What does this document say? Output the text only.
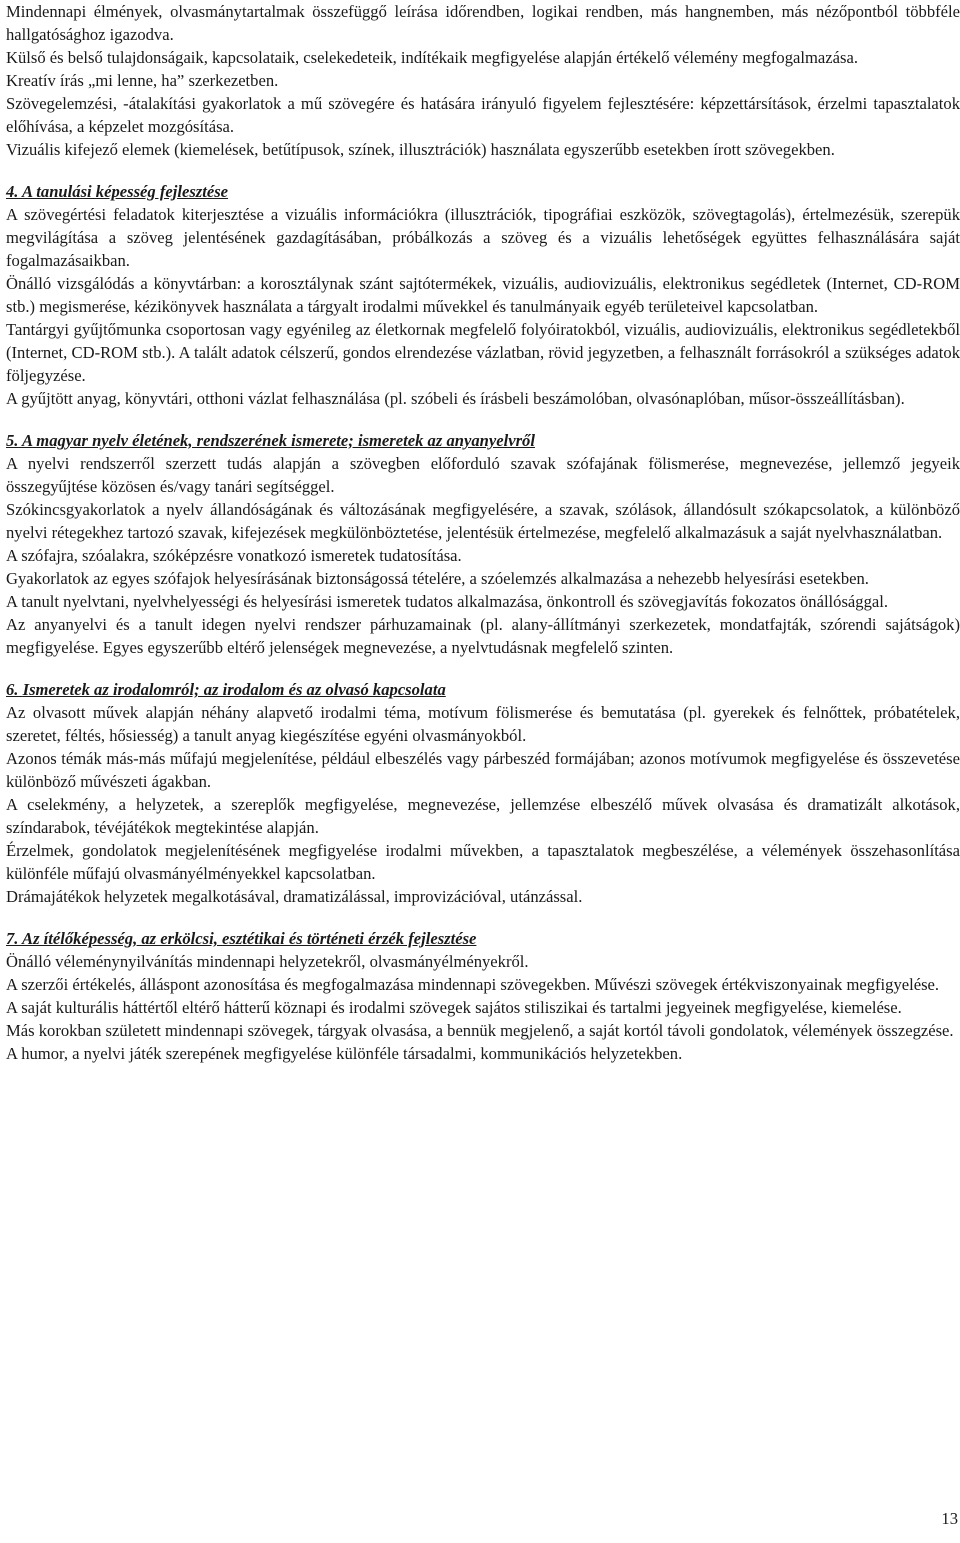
Mindennapi élmények, olvasmánytartalmak összefüggő leírása időrendben, logikai rendben, más hangnemben, más nézőpontból többféle hallgatósághoz igazodva.

Külső és belső tulajdonságaik, kapcsolataik, cselekedeteik, indítékaik megfigyelése alapján értékelő vélemény megfogalmazása.

Kreatív írás „mi lenne, ha” szerkezetben.

Szövegelemzési, -átalakítási gyakorlatok a mű szövegére és hatására irányuló figyelem fejlesztésére: képzettársítások, érzelmi tapasztalatok előhívása, a képzelet mozgósítása.

Vizuális kifejező elemek (kiemelések, betűtípusok, színek, illusztrációk) használata egyszerűbb esetekben írott szövegekben.

4. A tanulási képesség fejlesztése

A szövegértési feladatok kiterjesztése a vizuális információkra (illusztrációk, tipográfiai eszközök, szövegtagolás), értelmezésük, szerepük megvilágítása a szöveg jelentésének gazdagításában, próbálkozás a szöveg és a vizuális lehetőségek együttes felhasználására saját fogalmazásaikban.

Önálló vizsgálódás a könyvtárban: a korosztálynak szánt sajtótermékek, vizuális, audiovizuális, elektronikus segédletek (Internet, CD-ROM stb.) megismerése, kézikönyvek használata a tárgyalt irodalmi művekkel és tanulmányaik egyéb területeivel kapcsolatban.

Tantárgyi gyűjtőmunka csoportosan vagy egyénileg az életkornak megfelelő folyóiratokból, vizuális, audiovizuális, elektronikus segédletekből (Internet, CD-ROM stb.). A talált adatok célszerű, gondos elrendezése vázlatban, rövid jegyzetben, a felhasznált forrásokról a szükséges adatok följegyzése.

A gyűjtött anyag, könyvtári, otthoni vázlat felhasználása (pl. szóbeli és írásbeli beszámolóban, olvasónaplóban, műsor-összeállításban).

5. A magyar nyelv életének, rendszerének ismerete; ismeretek az anyanyelvről

A nyelvi rendszerről szerzett tudás alapján a szövegben előforduló szavak szófajának fölismerése, megnevezése, jellemző jegyeik összegyűjtése közösen és/vagy tanári segítséggel.

Szókincsgyakorlatok a nyelv állandóságának és változásának megfigyelésére, a szavak, szólások, állandósult szókapcsolatok, a különböző nyelvi rétegekhez tartozó szavak, kifejezések megkülönböztetése, jelentésük értelmezése, megfelelő alkalmazásuk a saját nyelvhasználatban.

A szófajra, szóalakra, szóképzésre vonatkozó ismeretek tudatosítása.

Gyakorlatok az egyes szófajok helyesírásának biztonságossá tételére, a szóelemzés alkalmazása a nehezebb helyesírási esetekben.

A tanult nyelvtani, nyelvhelyességi és helyesírási ismeretek tudatos alkalmazása, önkontroll és szövegjavítás fokozatos önállósággal.

Az anyanyelvi és a tanult idegen nyelvi rendszer párhuzamainak (pl. alany-állítmányi szerkezetek, mondatfajták, szórendi sajátságok) megfigyelése. Egyes egyszerűbb eltérő jelenségek megnevezése, a nyelvtudásnak megfelelő szinten.

6. Ismeretek az irodalomról; az irodalom és az olvasó kapcsolata

Az olvasott művek alapján néhány alapvető irodalmi téma, motívum fölismerése és bemutatása (pl. gyerekek és felnőttek, próbatételek, szeretet, féltés, hősiesség) a tanult anyag kiegészítése egyéni olvasmányokból.

Azonos témák más-más műfajú megjelenítése, például elbeszélés vagy párbeszéd formájában; azonos motívumok megfigyelése és összevetése különböző művészeti ágakban.

A cselekmény, a helyzetek, a szereplők megfigyelése, megnevezése, jellemzése elbeszélő művek olvasása és dramatizált alkotások, színdarabok, tévéjátékok megtekintése alapján.

Érzelmek, gondolatok megjelenítésének megfigyelése irodalmi művekben, a tapasztalatok megbeszélése, a vélemények összehasonlítása különféle műfajú olvasmányélményekkel kapcsolatban.

Drámajátékok helyzetek megalkotásával, dramatizálással, improvizációval, utánzással.

7. Az ítélőképesség, az erkölcsi, esztétikai és történeti érzék fejlesztése

Önálló véleménynyilvánítás mindennapi helyzetekről, olvasmányélményekről.

A szerzői értékelés, álláspont azonosítása és megfogalmazása mindennapi szövegekben. Művészi szövegek értékviszonyainak megfigyelése.

A saját kulturális háttértől eltérő hátterű köznapi és irodalmi szövegek sajátos stiliszikai és tartalmi jegyeinek megfigyelése, kiemelése.

Más korokban született mindennapi szövegek, tárgyak olvasása, a bennük megjelenő, a saját kortól távoli gondolatok, vélemények összegzése.

A humor, a nyelvi játék szerepének megfigyelése különféle társadalmi, kommunikációs helyzetekben.

13
